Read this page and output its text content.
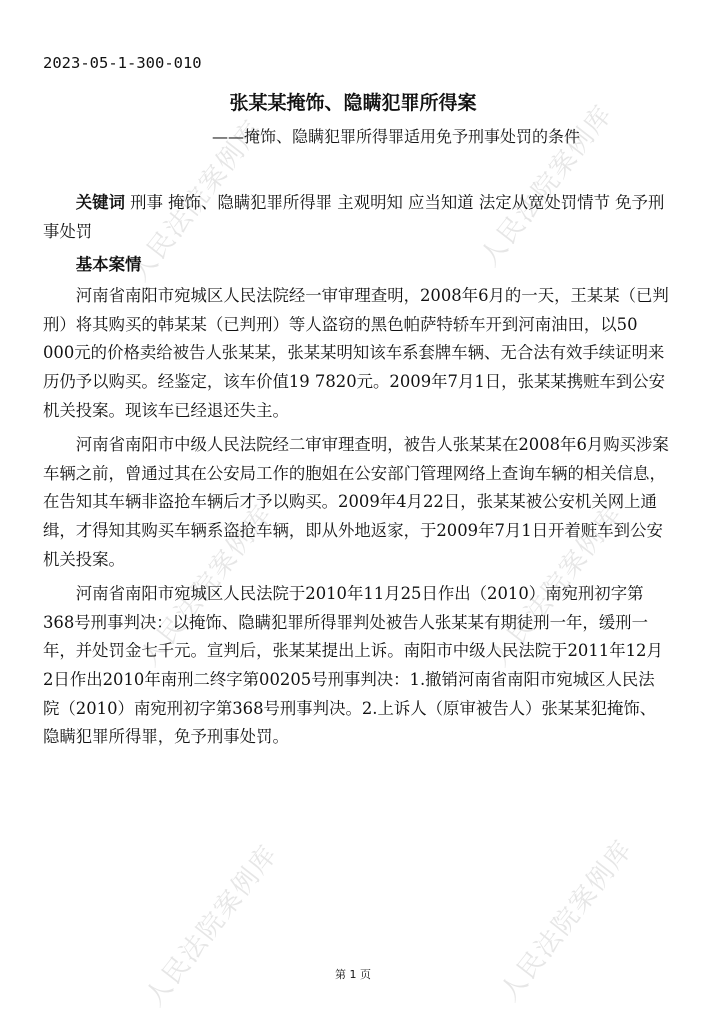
人民法院案例库
人民法院案例库
人民法院案例库	人民法院案例库
人民法院案例库	人民法院案例库
2023-05-1-300-010
张某某掩饰、隐瞒犯罪所得案
——掩饰、隐瞒犯罪所得罪适用免予刑事处罚的条件

关键词 刑事 掩饰、隐瞒犯罪所得罪 主观明知 应当知道 法定从宽处罚情节 免予刑事处罚

基本案情

河南省南阳市宛城区人民法院经一审审理查明，2008年6月的一天，王某某（已判刑）将其购买的韩某某（已判刑）等人盗窃的黑色帕萨特轿车开到河南油田，以50 000元的价格卖给被告人张某某，张某某明知该车系套牌车辆、无合法有效手续证明来历仍予以购买。经鉴定，该车价值19 7820元。2009年7月1日，张某某携赃车到公安机关投案。现该车已经退还失主。

河南省南阳市中级人民法院经二审审理查明，被告人张某某在2008年6月购买涉案车辆之前，曾通过其在公安局工作的胞姐在公安部门管理网络上查询车辆的相关信息，在告知其车辆非盗抢车辆后才予以购买。2009年4月22日，张某某被公安机关网上通缉，才得知其购买车辆系盗抢车辆，即从外地返家，于2009年7月1日开着赃车到公安机关投案。

河南省南阳市宛城区人民法院于2010年11月25日作出（2010）南宛刑初字第368号刑事判决：以掩饰、隐瞒犯罪所得罪判处被告人张某某有期徒刑一年，缓刑一年，并处罚金七千元。宣判后，张某某提出上诉。南阳市中级人民法院于2011年12月2日作出2010年南刑二终字第00205号刑事判决：1.撤销河南省南阳市宛城区人民法院（2010）南宛刑初字第368号刑事判决。2.上诉人（原审被告人）张某某犯掩饰、隐瞒犯罪所得罪，免予刑事处罚。

第 1 页
